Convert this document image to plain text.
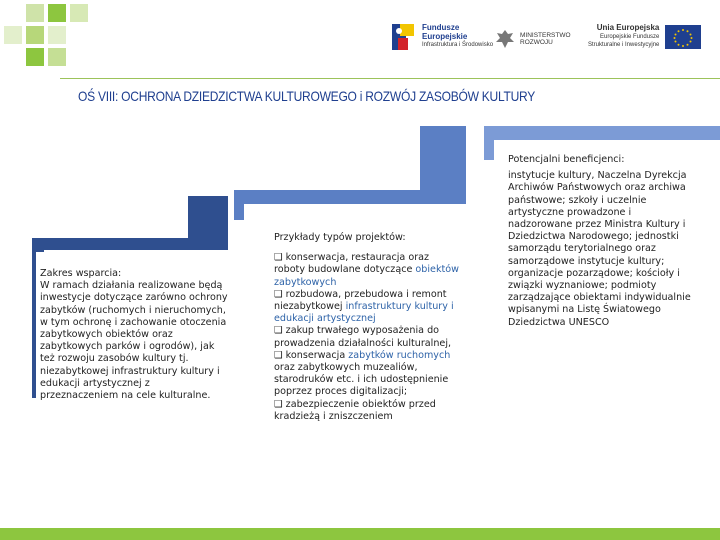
Fundusze
Europejskie
Infrastruktura i Środowisko
MINISTERSTWO
ROZWOJU
Unia Europejska
Europejskie Fundusze
Strukturalne i Inwestycyjne
OŚ VIII: OCHRONA DZIEDZICTWA KULTUROWEGO i ROZWÓJ ZASOBÓW KULTURY
Zakres wsparcia:
W ramach działania realizowane będą inwestycje dotyczące zarówno ochrony zabytków (ruchomych i nieruchomych, w tym ochronę i zachowanie otoczenia zabytkowych obiektów oraz zabytkowych parków i ogrodów), jak też rozwoju zasobów kultury tj. niezabytkowej infrastruktury kultury i edukacji artystycznej z przeznaczeniem na cele kulturalne.
Przykłady typów projektów:
❑ konserwacja, restauracja oraz roboty budowlane dotyczące obiektów zabytkowych
❑ rozbudowa, przebudowa i remont niezabytkowej infrastruktury kultury i edukacji artystycznej
❑ zakup trwałego wyposażenia do prowadzenia działalności kulturalnej,
❑ konserwacja zabytków ruchomych oraz zabytkowych muzealiów, starodruków etc. i ich udostępnienie poprzez proces digitalizacji;
❑ zabezpieczenie obiektów przed kradzieżą i zniszczeniem
Potencjalni beneficjenci:
instytucje kultury, Naczelna Dyrekcja Archiwów Państwowych oraz archiwa państwowe; szkoły i uczelnie artystyczne prowadzone i nadzorowane przez Ministra Kultury i Dziedzictwa Narodowego; jednostki samorządu terytorialnego oraz samorządowe instytucje kultury; organizacje pozarządowe; kościoły i związki wyznaniowe; podmioty zarządzające obiektami indywidualnie wpisanymi na Listę Światowego Dziedzictwa UNESCO
